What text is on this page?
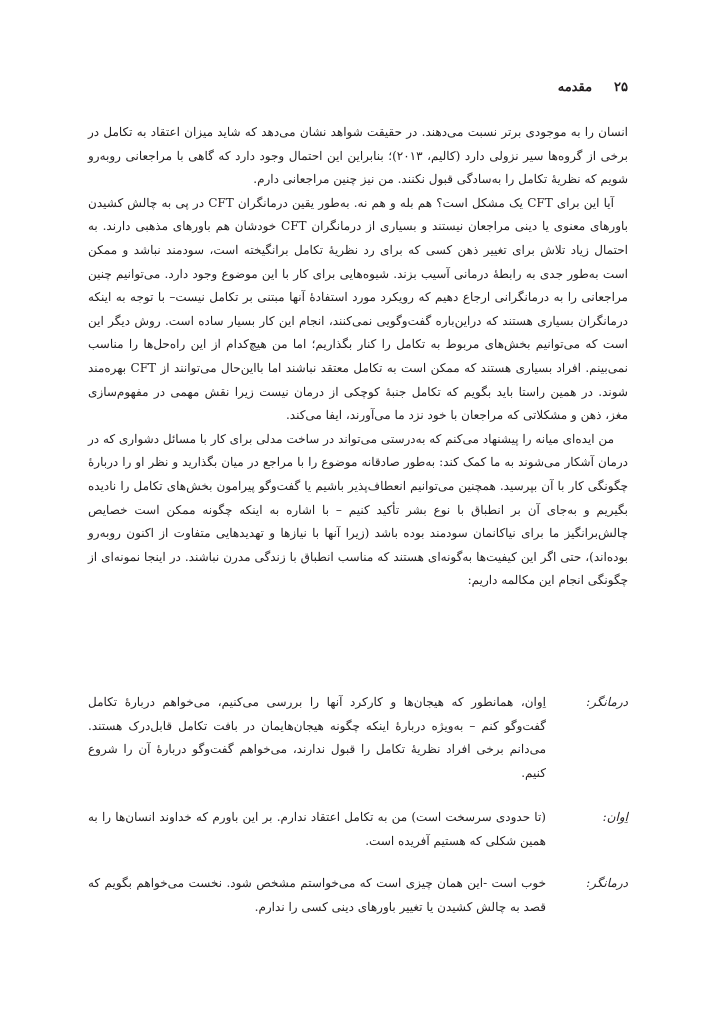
۲۵
مقدمه

انسان را به موجودی برتر نسبت می‌دهند. در حقیقت شواهد نشان می‌دهد که شاید میزان اعتقاد به تکامل در برخی از گروه‌ها سیر نزولی دارد (کالیم، ۲۰۱۳)؛ بنابراین این احتمال وجود دارد که گاهی با مراجعانی روبه‌رو شویم که نظریهٔ تکامل را به‌سادگی قبول نکنند. من نیز چنین مراجعانی دارم.

آیا این برای CFT یک مشکل است؟ هم بله و هم نه. به‌طور یقین درمانگران CFT در پی به چالش کشیدن باورهای معنوی یا دینی مراجعان نیستند و بسیاری از درمانگران CFT خودشان هم باورهای مذهبی دارند. به احتمال زیاد تلاش برای تغییر ذهن کسی که برای رد نظریهٔ تکامل برانگیخته است، سودمند نباشد و ممکن است به‌طور جدی به رابطهٔ درمانی آسیب بزند. شیوه‌هایی برای کار با این موضوع وجود دارد. می‌توانیم چنین مراجعانی را به درمانگرانی ارجاع دهیم که رویکرد مورد استفادهٔ آنها مبتنی بر تکامل نیست– با توجه به اینکه درمانگران بسیاری هستند که دراین‌باره گفت‌وگویی نمی‌کنند، انجام این کار بسیار ساده است. روش دیگر این است که می‌توانیم بخش‌های مربوط به تکامل را کنار بگذاریم؛ اما من هیچ‌کدام از این راه‌حل‌ها را مناسب نمی‌بینم. افراد بسیاری هستند که ممکن است به تکامل معتقد نباشند اما بااین‌حال می‌توانند از CFT بهره‌مند شوند. در همین راستا باید بگویم که تکامل جنبهٔ کوچکی از درمان نیست زیرا نقش مهمی در مفهوم‌سازی مغز، ذهن و مشکلاتی که مراجعان با خود نزد ما می‌آورند، ایفا می‌کند.

من ایده‌ای میانه را پیشنهاد می‌کنم که به‌درستی می‌تواند در ساخت مدلی برای کار با مسائل دشواری که در درمان آشکار می‌شوند به ما کمک کند: به‌طور صادقانه موضوع را با مراجع در میان بگذارید و نظر او را دربارهٔ چگونگی کار با آن بپرسید. همچنین می‌توانیم انعطاف‌پذیر باشیم یا گفت‌وگو پیرامون بخش‌های تکامل را نادیده بگیریم و به‌جای آن بر انطباق با نوع بشر تأکید کنیم – با اشاره به اینکه چگونه ممکن است خصایص چالش‌برانگیز ما برای نیاکانمان سودمند بوده باشد (زیرا آنها با نیازها و تهدیدهایی متفاوت از اکنون روبه‌رو بوده‌اند)، حتی اگر این کیفیت‌ها به‌گونه‌ای هستند که مناسب انطباق با زندگی مدرن نباشند. در اینجا نمونه‌ای از چگونگی انجام این مکالمه داریم:

درمانگر:
اِوان، همانطور که هیجان‌ها و کارکرد آنها را بررسی می‌کنیم، می‌خواهم دربارهٔ تکامل گفت‌وگو کنم – به‌ویژه دربارهٔ اینکه چگونه هیجان‌هایمان در بافت تکامل قابل‌درک هستند. می‌دانم برخی افراد نظریهٔ تکامل را قبول ندارند، می‌خواهم گفت‌وگو دربارهٔ آن را شروع کنیم.
اِوان:
(تا حدودی سرسخت است) من به تکامل اعتقاد ندارم. بر این باورم که خداوند انسان‌ها را به همین شکلی که هستیم آفریده است.
درمانگر:
خوب است -این همان چیزی است که می‌خواستم مشخص شود. نخست می‌خواهم بگویم که قصد به چالش کشیدن یا تغییر باورهای دینی کسی را ندارم.
